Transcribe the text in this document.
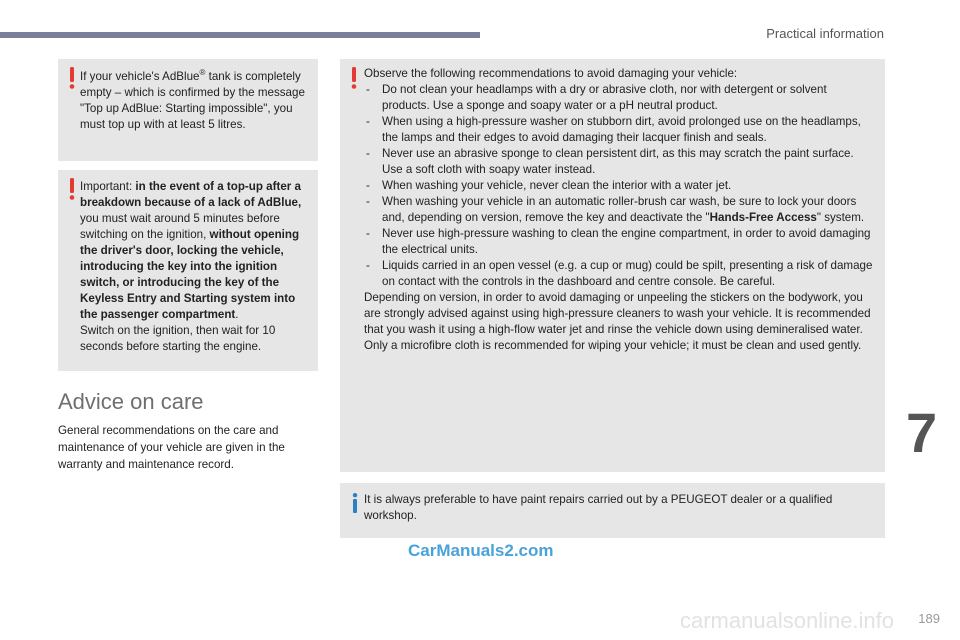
Practical information

If your vehicle's AdBlue® tank is completely empty – which is confirmed by the message "Top up AdBlue: Starting impossible", you must top up with at least 5 litres.

Important: in the event of a top-up after a breakdown because of a lack of AdBlue, you must wait around 5 minutes before switching on the ignition, without opening the driver's door, locking the vehicle, introducing the key into the ignition switch, or introducing the key of the Keyless Entry and Starting system into the passenger compartment.

Switch on the ignition, then wait for 10 seconds before starting the engine.

Advice on care

General recommendations on the care and maintenance of your vehicle are given in the warranty and maintenance record.

Observe the following recommendations to avoid damaging your vehicle:

- Do not clean your headlamps with a dry or abrasive cloth, nor with detergent or solvent products. Use a sponge and soapy water or a pH neutral product.
- When using a high-pressure washer on stubborn dirt, avoid prolonged use on the headlamps, the lamps and their edges to avoid damaging their lacquer finish and seals.
- Never use an abrasive sponge to clean persistent dirt, as this may scratch the paint surface. Use a soft cloth with soapy water instead.
- When washing your vehicle, never clean the interior with a water jet.
- When washing your vehicle in an automatic roller-brush car wash, be sure to lock your doors and, depending on version, remove the key and deactivate the "Hands-Free Access" system.
- Never use high-pressure washing to clean the engine compartment, in order to avoid damaging the electrical units.
- Liquids carried in an open vessel (e.g. a cup or mug) could be spilt, presenting a risk of damage on contact with the controls in the dashboard and centre console. Be careful.

Depending on version, in order to avoid damaging or unpeeling the stickers on the bodywork, you are strongly advised against using high-pressure cleaners to wash your vehicle. It is recommended that you wash it using a high-flow water jet and rinse the vehicle down using demineralised water.

Only a microfibre cloth is recommended for wiping your vehicle; it must be clean and used gently.

It is always preferable to have paint repairs carried out by a PEUGEOT dealer or a qualified workshop.

7
CarManuals2.com
carmanualsonline.info 189
